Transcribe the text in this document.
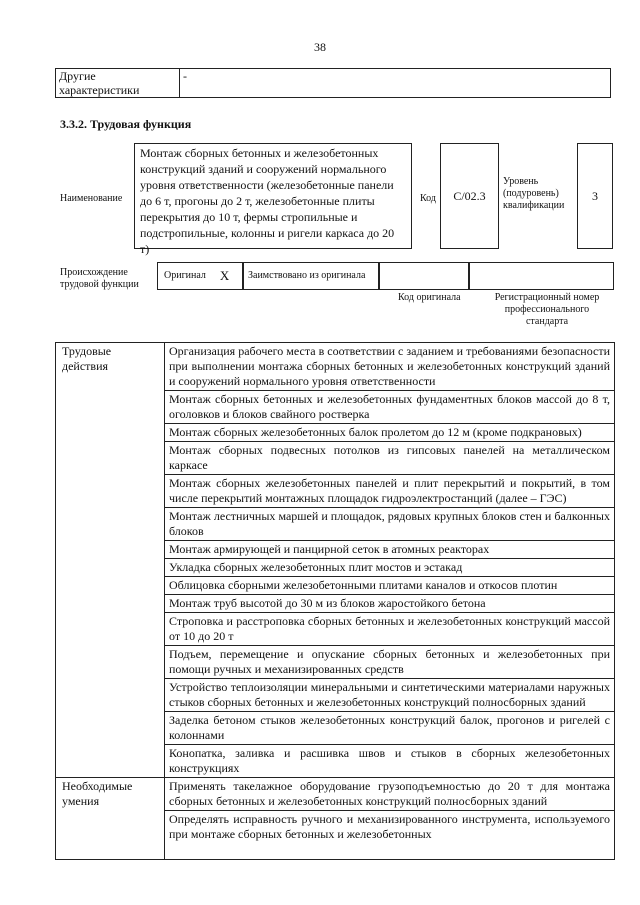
38
Другие характеристики	-
3.3.2. Трудовая функция
Наименование
Монтаж сборных бетонных и железобетонных конструкций зданий и сооружений нормального уровня ответственности (железобетонные панели до 6 т, прогоны до 2 т, железобетонные плиты перекрытия до 10 т, фермы стропильные и подстропильные, колонны и ригели каркаса до 20 т)
Код	C/02.3
Уровень (подуровень) квалификации
3
Происхождение трудовой функции
Оригинал X	Заимствовано из оригинала
Код оригинала	Регистрационный номер профессионального стандарта
Трудовые действия	Организация рабочего места в соответствии с заданием и требованиями безопасности при выполнении монтажа сборных бетонных и железобетонных конструкций зданий и сооружений нормального уровня ответственности
	Монтаж сборных бетонных и железобетонных фундаментных блоков массой до 8 т, оголовков и блоков свайного ростверка
	Монтаж сборных железобетонных балок пролетом до 12 м (кроме подкрановых)
	Монтаж сборных подвесных потолков из гипсовых панелей на металлическом каркасе
	Монтаж сборных железобетонных панелей и плит перекрытий и покрытий, в том числе перекрытий монтажных площадок гидроэлектростанций (далее – ГЭС)
	Монтаж лестничных маршей и площадок, рядовых крупных блоков стен и балконных блоков
	Монтаж армирующей и панцирной сеток в атомных реакторах
	Укладка сборных железобетонных плит мостов и эстакад
	Облицовка сборными железобетонными плитами каналов и откосов плотин
	Монтаж труб высотой до 30 м из блоков жаростойкого бетона
	Строповка и расстроповка сборных бетонных и железобетонных конструкций массой от 10 до 20 т
	Подъем, перемещение и опускание сборных бетонных и железобетонных при помощи ручных и механизированных средств
	Устройство теплоизоляции минеральными и синтетическими материалами наружных стыков сборных бетонных и железобетонных конструкций полносборных зданий
	Заделка бетоном стыков железобетонных конструкций балок, прогонов и ригелей с колоннами
	Конопатка, заливка и расшивка швов и стыков в сборных железобетонных конструкциях
Необходимые умения	Применять такелажное оборудование грузоподъемностью до 20 т для монтажа сборных бетонных и железобетонных конструкций полносборных зданий

	Определять исправность ручного и механизированного инструмента, используемого при монтаже сборных бетонных и железобетонных
